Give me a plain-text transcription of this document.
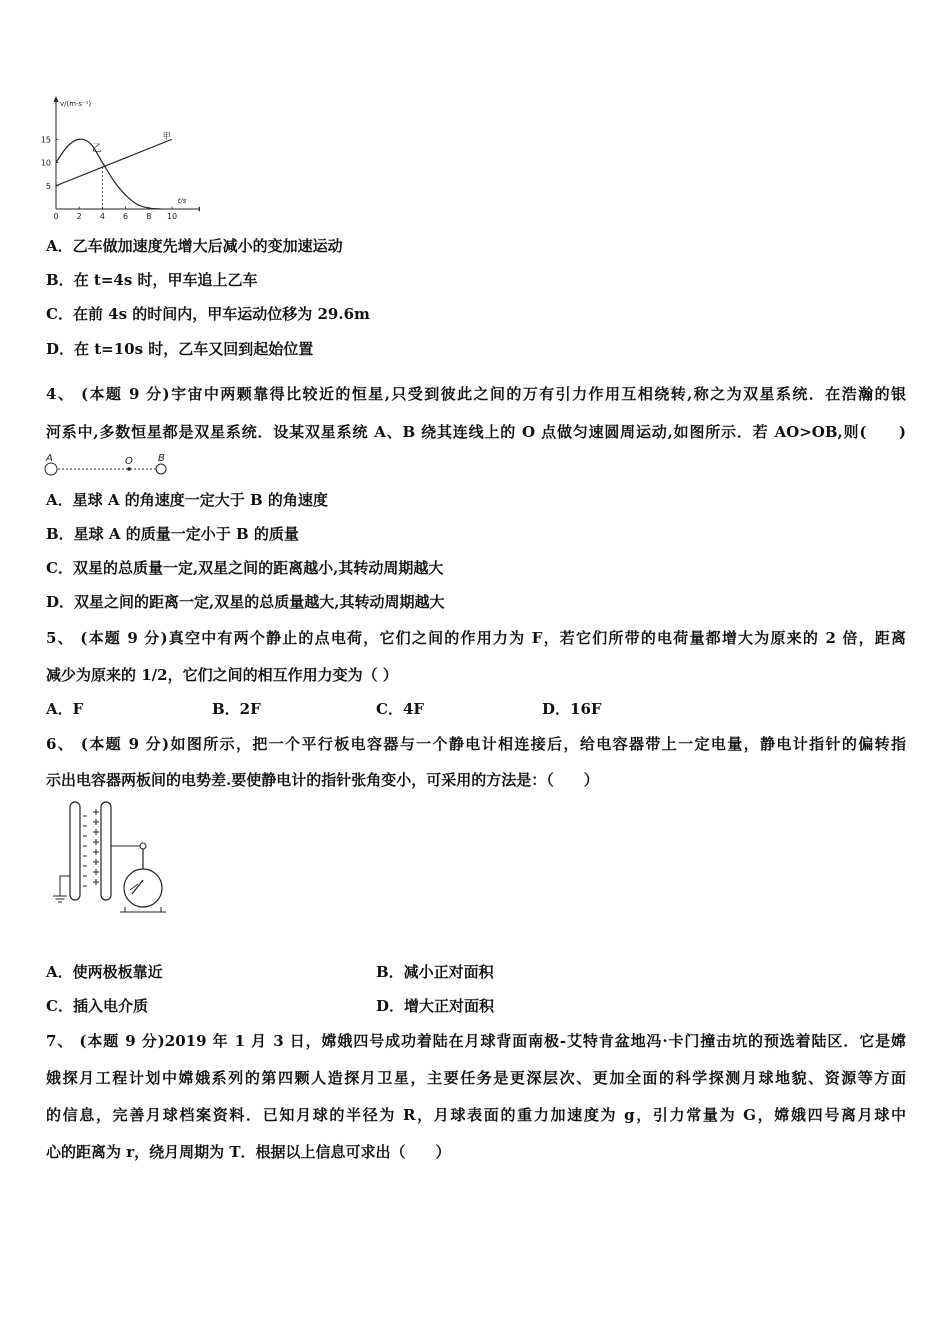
v/(m·s⁻¹)
t/s
0 2 4 6 8 10
5
10
15
乙
甲
A．乙车做加速度先增大后减小的变加速运动
B．在 t=4s 时，甲车追上乙车
C．在前 4s 的时间内，甲车运动位移为 29.6m
D．在 t=10s 时，乙车又回到起始位置
4、 (本题 9 分)宇宙中两颗靠得比较近的恒星,只受到彼此之间的万有引力作用互相绕转,称之为双星系统．在浩瀚的银
河系中,多数恒星都是双星系统．设某双星系统 A、B 绕其连线上的 O 点做匀速圆周运动,如图所示．若 AO>OB,则(　　)
A	O	B
A．星球 A 的角速度一定大于 B 的角速度
B．星球 A 的质量一定小于 B 的质量
C．双星的总质量一定,双星之间的距离越小,其转动周期越大
D．双星之间的距离一定,双星的总质量越大,其转动周期越大
5、 (本题 9 分)真空中有两个静止的点电荷，它们之间的作用力为 F，若它们所带的电荷量都增大为原来的 2 倍，距离
减少为原来的 1/2，它们之间的相互作用力变为（ ）
A．F	B．2F	C．4F	D．16F
6、 (本题 9 分)如图所示，把一个平行板电容器与一个静电计相连接后，给电容器带上一定电量，静电计指针的偏转指
示出电容器两板间的电势差.要使静电计的指针张角变小，可采用的方法是：（　　）
A．使两极板靠近	B．减小正对面积
C．插入电介质	D．增大正对面积
7、 (本题 9 分)2019 年 1 月 3 日，嫦娥四号成功着陆在月球背面南极-艾特肯盆地冯·卡门撞击坑的预选着陆区．它是嫦
娥探月工程计划中嫦娥系列的第四颗人造探月卫星，主要任务是更深层次、更加全面的科学探测月球地貌、资源等方面
的信息，完善月球档案资料．已知月球的半径为 R，月球表面的重力加速度为 g，引力常量为 G，嫦娥四号离月球中
心的距离为 r，绕月周期为 T．根据以上信息可求出（　　）
